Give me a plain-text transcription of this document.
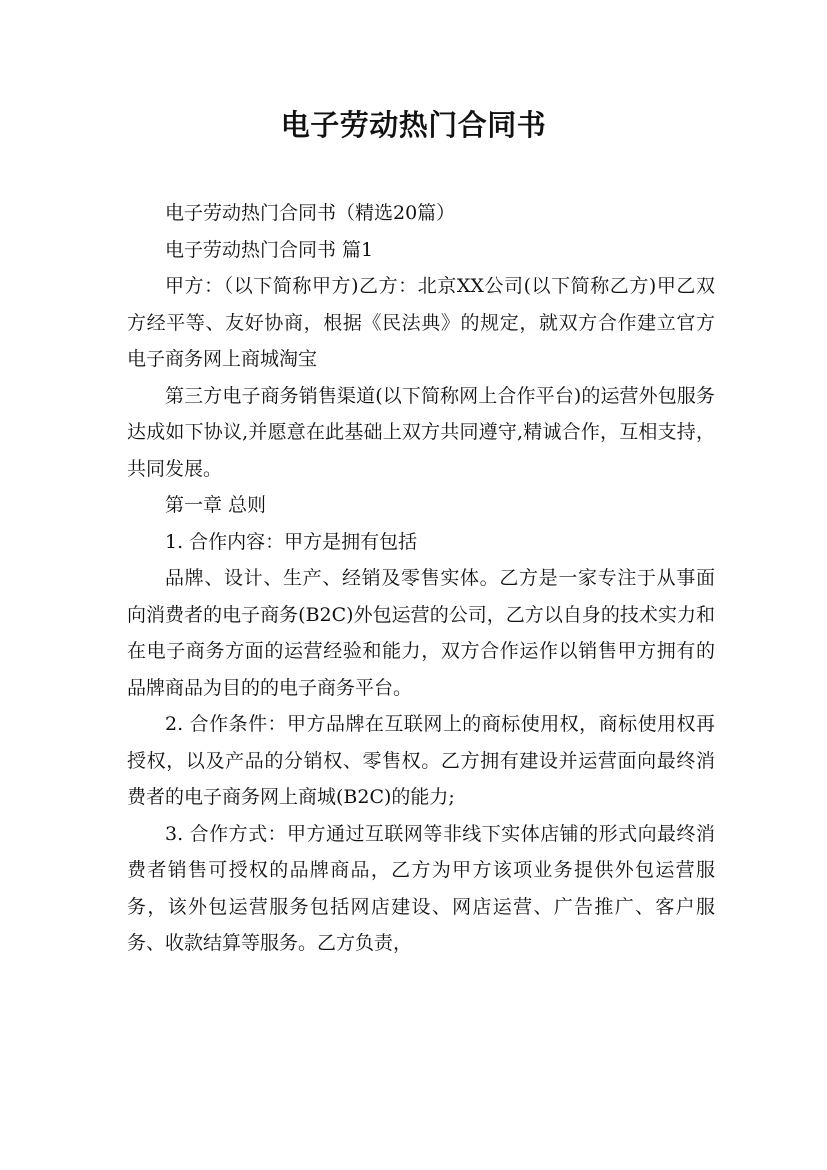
电子劳动热门合同书

电子劳动热门合同书（精选20篇）

电子劳动热门合同书 篇1

甲方：（以下简称甲方)乙方：北京XX公司(以下简称乙方)甲乙双方经平等、友好协商，根据《民法典》的规定，就双方合作建立官方电子商务网上商城淘宝

第三方电子商务销售渠道(以下简称网上合作平台)的运营外包服务达成如下协议,并愿意在此基础上双方共同遵守,精诚合作，互相支持，共同发展。

第一章 总则

1. 合作内容：甲方是拥有包括

品牌、设计、生产、经销及零售实体。乙方是一家专注于从事面向消费者的电子商务(B2C)外包运营的公司，乙方以自身的技术实力和在电子商务方面的运营经验和能力，双方合作运作以销售甲方拥有的品牌商品为目的的电子商务平台。

2. 合作条件：甲方品牌在互联网上的商标使用权，商标使用权再授权，以及产品的分销权、零售权。乙方拥有建设并运营面向最终消费者的电子商务网上商城(B2C)的能力;

3. 合作方式：甲方通过互联网等非线下实体店铺的形式向最终消费者销售可授权的品牌商品，乙方为甲方该项业务提供外包运营服务，该外包运营服务包括网店建设、网店运营、广告推广、客户服务、收款结算等服务。乙方负责，
